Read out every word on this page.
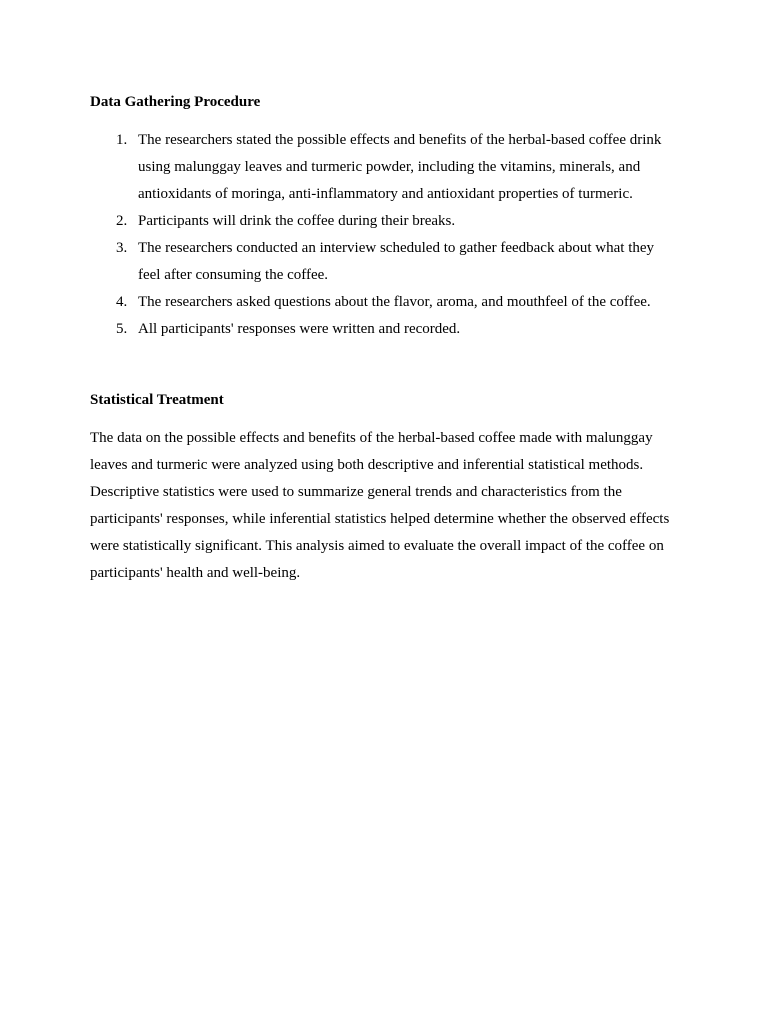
Data Gathering Procedure
1. The researchers stated the possible effects and benefits of the herbal-based coffee drink using malunggay leaves and turmeric powder, including the vitamins, minerals, and antioxidants of moringa, anti-inflammatory and antioxidant properties of turmeric.
2. Participants will drink the coffee during their breaks.
3. The researchers conducted an interview scheduled to gather feedback about what they feel after consuming the coffee.
4. The researchers asked questions about the flavor, aroma, and mouthfeel of the coffee.
5. All participants' responses were written and recorded.
Statistical Treatment

The data on the possible effects and benefits of the herbal-based coffee made with malunggay leaves and turmeric were analyzed using both descriptive and inferential statistical methods. Descriptive statistics were used to summarize general trends and characteristics from the participants' responses, while inferential statistics helped determine whether the observed effects were statistically significant. This analysis aimed to evaluate the overall impact of the coffee on participants' health and well-being.
